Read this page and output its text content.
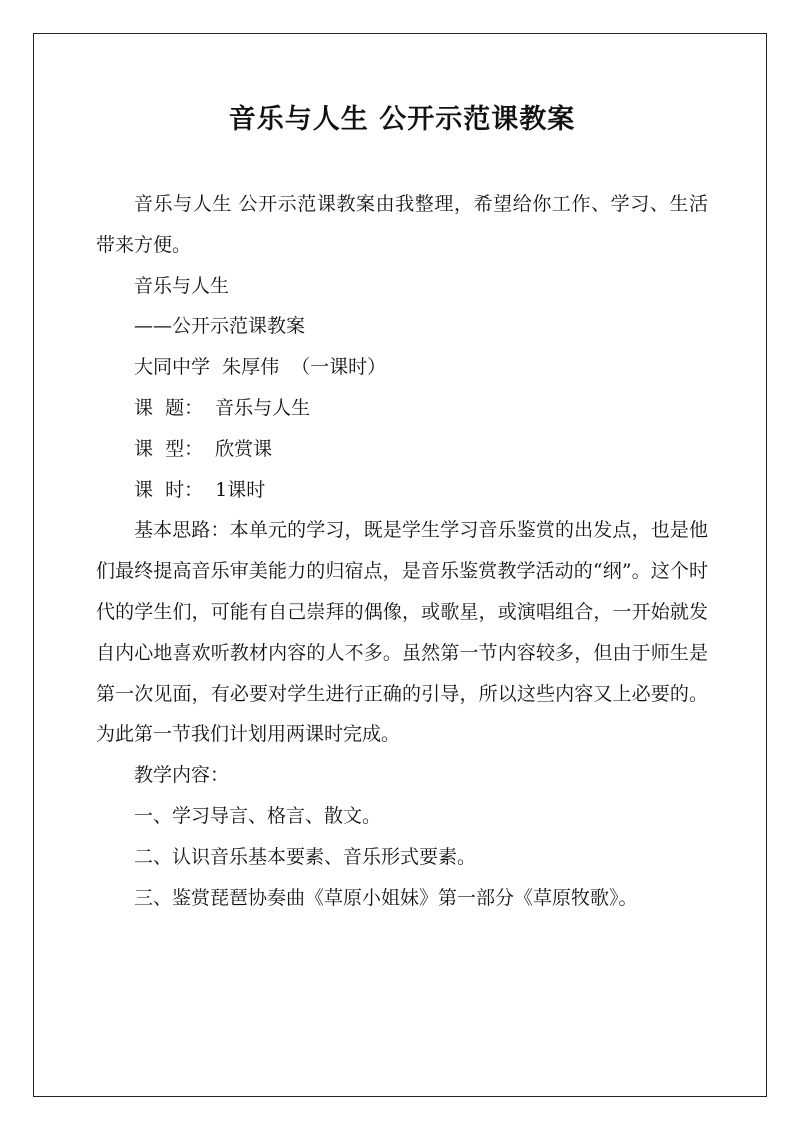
音乐与人生 公开示范课教案

音乐与人生 公开示范课教案由我整理，希望给你工作、学习、生活带来方便。

音乐与人生

——公开示范课教案

大同中学  朱厚伟  （一课时）

课  题：  音乐与人生

课  型：  欣赏课

课  时：  1课时

基本思路：本单元的学习，既是学生学习音乐鉴赏的出发点，也是他们最终提高音乐审美能力的归宿点，是音乐鉴赏教学活动的“纲”。这个时代的学生们，可能有自己崇拜的偶像，或歌星，或演唱组合，一开始就发自内心地喜欢听教材内容的人不多。虽然第一节内容较多，但由于师生是第一次见面，有必要对学生进行正确的引导，所以这些内容又上必要的。为此第一节我们计划用两课时完成。

教学内容：

一、学习导言、格言、散文。

二、认识音乐基本要素、音乐形式要素。

三、鉴赏琵琶协奏曲《草原小姐妹》第一部分《草原牧歌》。
